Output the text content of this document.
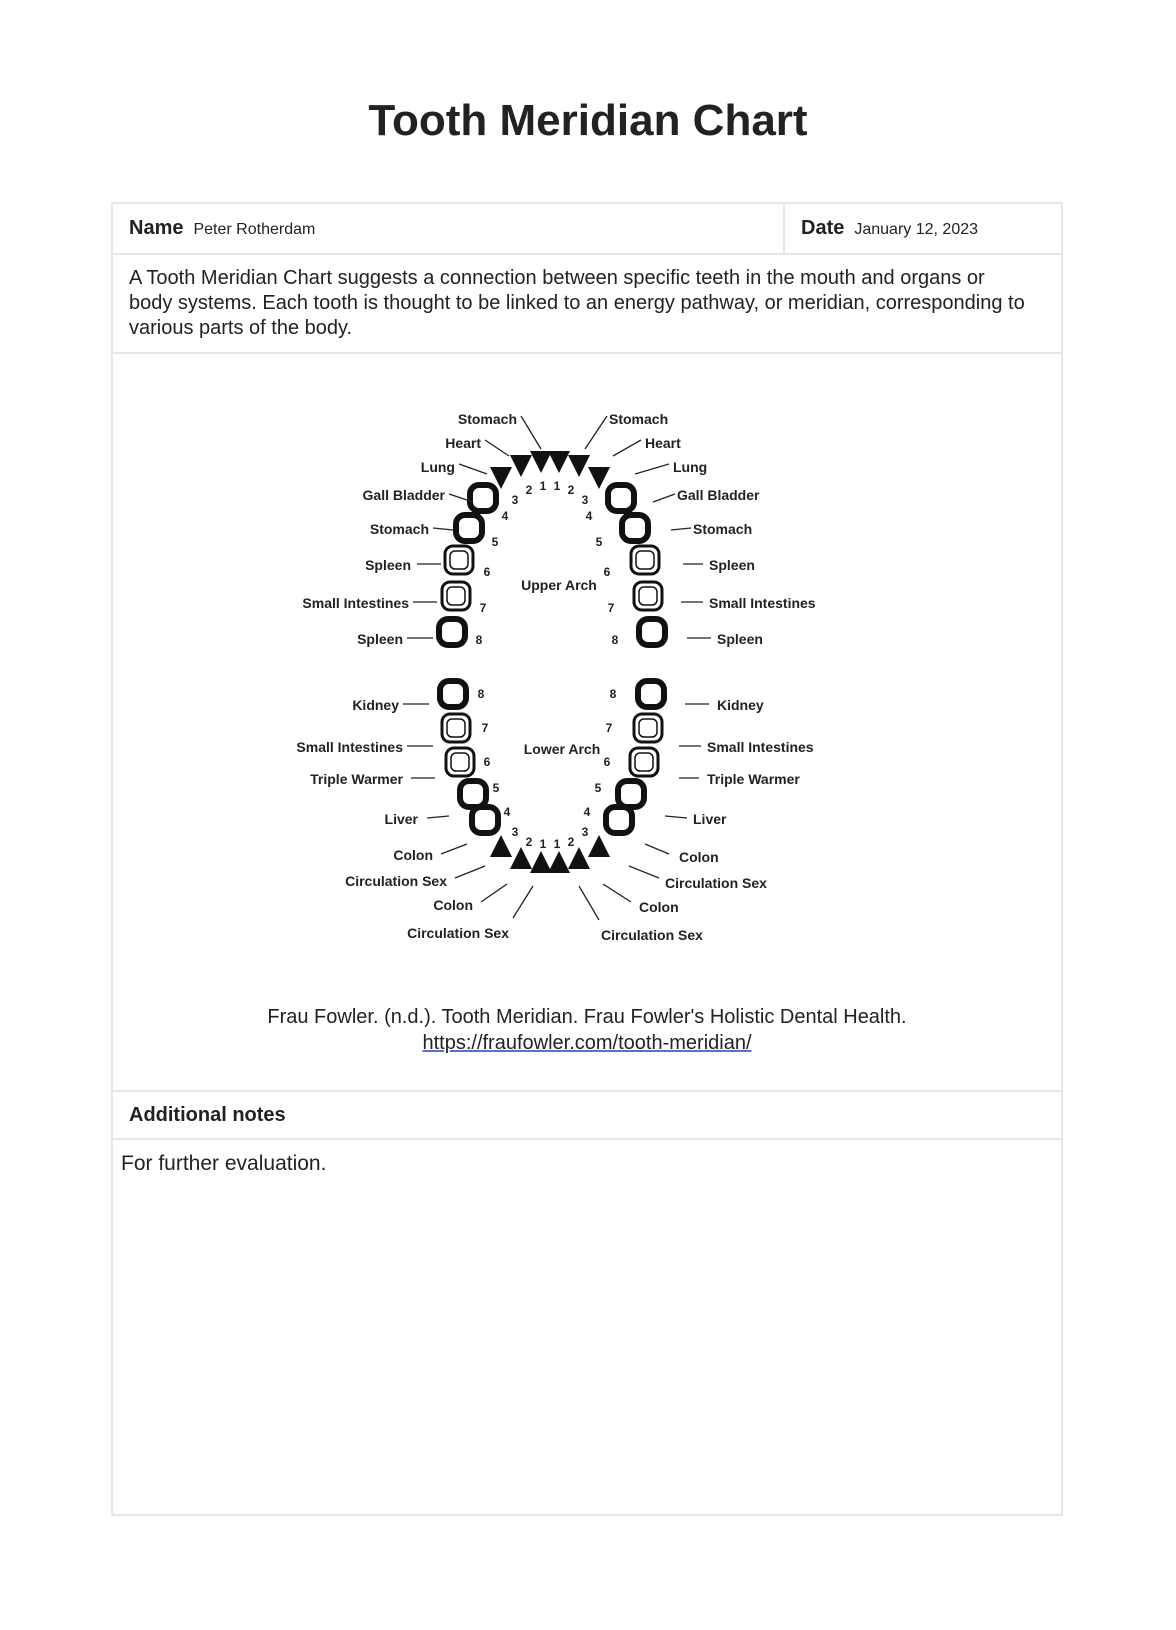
Tooth Meridian Chart
Name Peter Rotherdam	Date January 12, 2023
A Tooth Meridian Chart suggests a connection between specific teeth in the mouth and organs or body systems. Each tooth is thought to be linked to an energy pathway, or meridian, corresponding to various parts of the body.
1 1
2	2
3	3
4	4
5	5
6	6
7	7
8	8
1 1
2	2
3	3
4	4
5	5
6	6
7	7
8	8
Upper Arch
Lower Arch
Stomach
Heart
Lung
Gall Bladder
Stomach
Spleen
Small Intestines
Spleen
Stomach
Heart
Lung
Gall Bladder
Stomach
Spleen
Small Intestines
Spleen
Kidney
Small Intestines
Triple Warmer
Liver
Colon
Circulation Sex
Colon
Circulation Sex
Kidney
Small Intestines
Triple Warmer
Liver
Colon
Circulation Sex
Colon
Circulation Sex
Frau Fowler. (n.d.). Tooth Meridian. Frau Fowler's Holistic Dental Health.
https://fraufowler.com/tooth-meridian/
Additional notes
For further evaluation.
